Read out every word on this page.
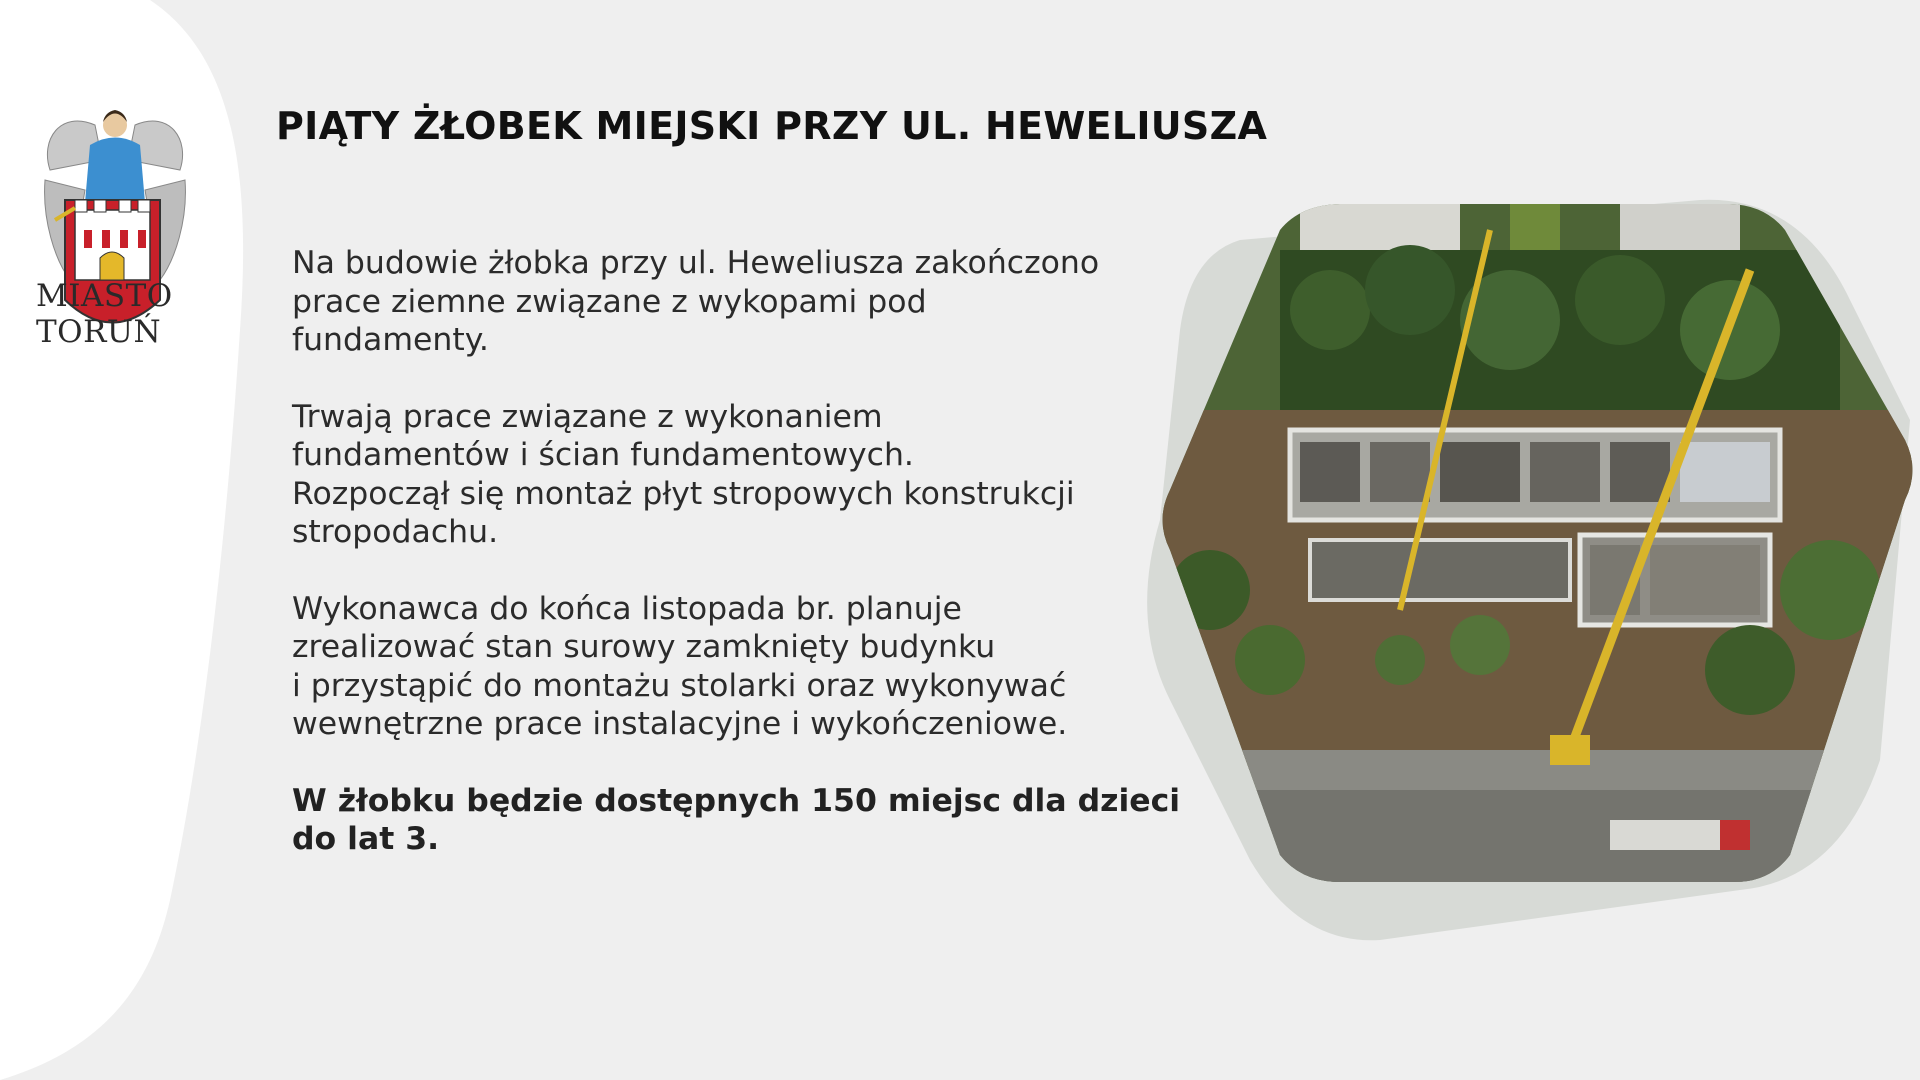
MIASTO
TORUŃ
PIĄTY ŻŁOBEK MIEJSKI PRZY UL. HEWELIUSZA

Na budowie żłobka przy ul. Heweliusza zakończono
prace ziemne związane z wykopami pod
fundamenty.

Trwają prace związane z wykonaniem
fundamentów i ścian fundamentowych.
Rozpoczął się montaż płyt stropowych konstrukcji
stropodachu.

Wykonawca do końca listopada br. planuje
zrealizować stan surowy zamknięty budynku
i przystąpić do montażu stolarki oraz wykonywać
wewnętrzne prace instalacyjne i wykończeniowe.

W żłobku będzie dostępnych 150 miejsc dla dzieci
do lat 3.
